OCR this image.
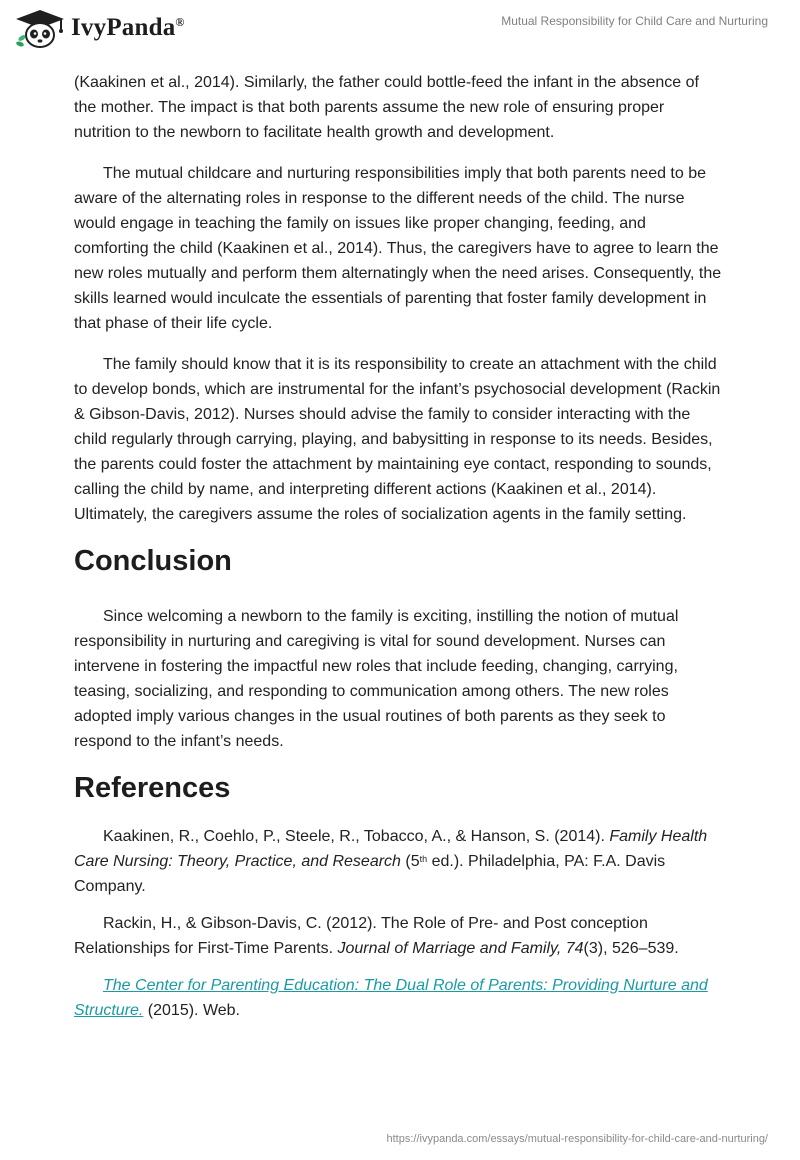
IvyPanda®	Mutual Responsibility for Child Care and Nurturing

(Kaakinen et al., 2014). Similarly, the father could bottle-feed the infant in the absence of the mother. The impact is that both parents assume the new role of ensuring proper nutrition to the newborn to facilitate health growth and development.

The mutual childcare and nurturing responsibilities imply that both parents need to be aware of the alternating roles in response to the different needs of the child. The nurse would engage in teaching the family on issues like proper changing, feeding, and comforting the child (Kaakinen et al., 2014). Thus, the caregivers have to agree to learn the new roles mutually and perform them alternatingly when the need arises. Consequently, the skills learned would inculcate the essentials of parenting that foster family development in that phase of their life cycle.

The family should know that it is its responsibility to create an attachment with the child to develop bonds, which are instrumental for the infant’s psychosocial development (Rackin & Gibson-Davis, 2012). Nurses should advise the family to consider interacting with the child regularly through carrying, playing, and babysitting in response to its needs. Besides, the parents could foster the attachment by maintaining eye contact, responding to sounds, calling the child by name, and interpreting different actions (Kaakinen et al., 2014). Ultimately, the caregivers assume the roles of socialization agents in the family setting.

Conclusion

Since welcoming a newborn to the family is exciting, instilling the notion of mutual responsibility in nurturing and caregiving is vital for sound development. Nurses can intervene in fostering the impactful new roles that include feeding, changing, carrying, teasing, socializing, and responding to communication among others. The new roles adopted imply various changes in the usual routines of both parents as they seek to respond to the infant’s needs.

References

Kaakinen, R., Coehlo, P., Steele, R., Tobacco, A., & Hanson, S. (2014). Family Health Care Nursing: Theory, Practice, and Research (5th ed.). Philadelphia, PA: F.A. Davis Company.

Rackin, H., & Gibson-Davis, C. (2012). The Role of Pre- and Post conception Relationships for First-Time Parents. Journal of Marriage and Family, 74(3), 526–539.

The Center for Parenting Education: The Dual Role of Parents: Providing Nurture and Structure. (2015). Web.

https://ivypanda.com/essays/mutual-responsibility-for-child-care-and-nurturing/
